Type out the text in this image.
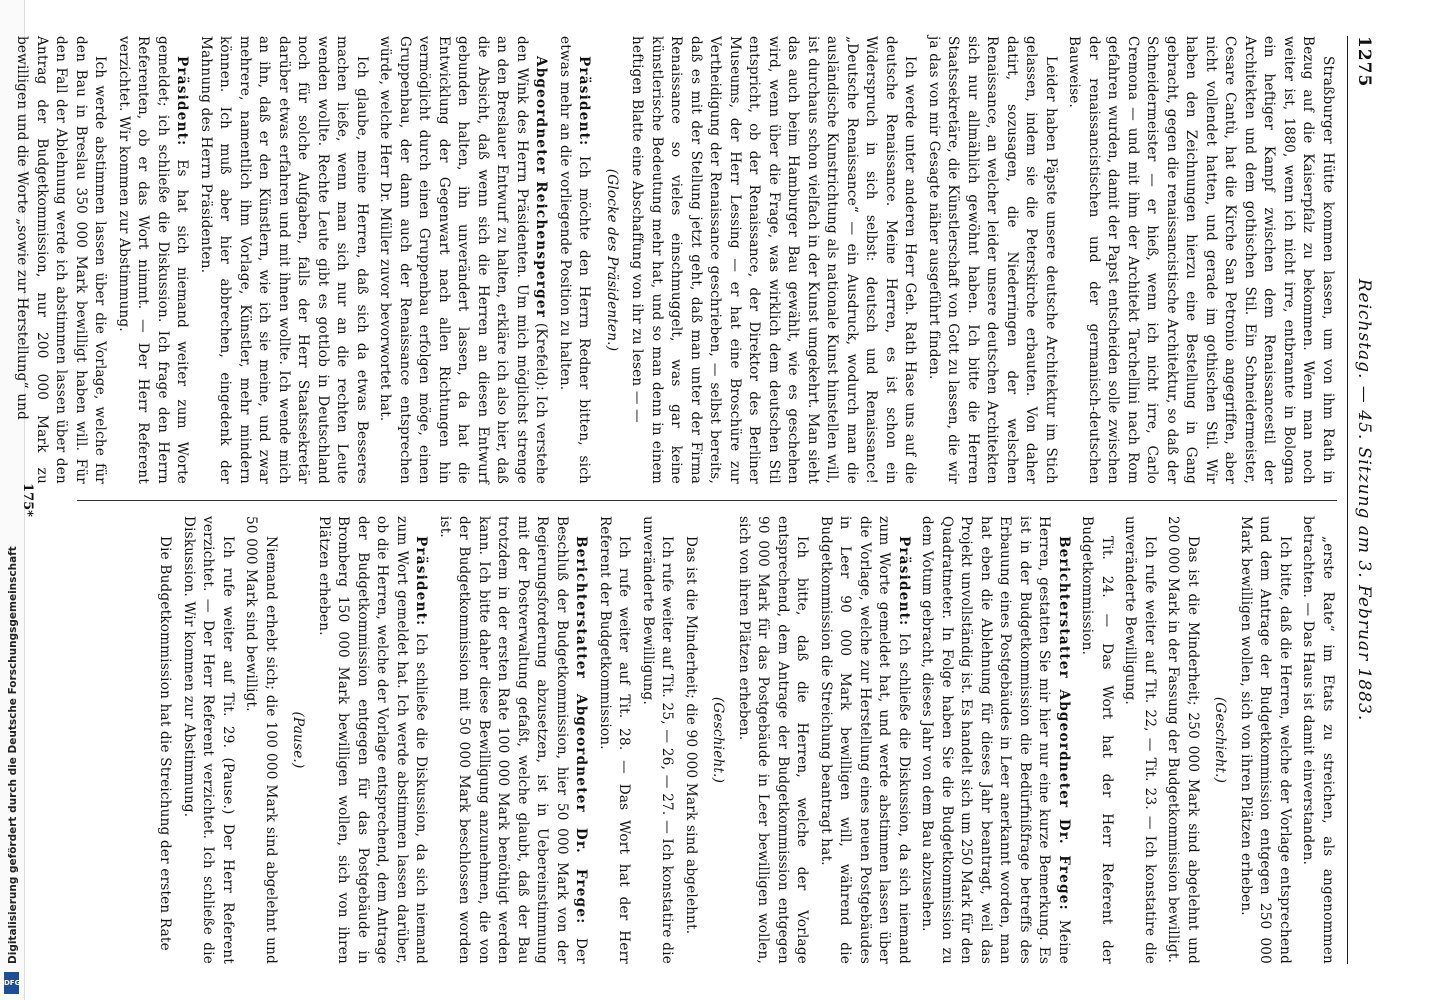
Digitalisierung gefördert durch die Deutsche Forschungsgemeinschaft
DFG
1275
Reichstag. — 45. Sitzung am 3. Februar 1883.

Straßburger Hütte kommen lassen, um von ihm Rath in Bezug auf die Kaiserpfalz zu bekommen. Wenn man noch weiter ist, 1880, wenn ich nicht irre, entbrannte in Bologna ein heftiger Kampf zwischen dem Renaissancestil der Architekten und dem gothischen Stil. Ein Schneidermeister, Cesare Cantù, hat die Kirche San Petronio angegriffen, aber nicht vollendet hatten, und gerade im gothischen Stil. Wir haben den Zeichnungen hierzu eine Bestellung in Gang gebracht, gegen die renaissancistische Architektur, so daß der Schneidermeister — er hieß, wenn ich nicht irre, Carlo Cremona — und mit ihm der Architekt Tarchellini nach Rom gefahren wurden, damit der Papst entscheiden solle zwischen der renaissancistischen und der germanisch-deutschen Bauweise.

Leider haben Päpste unsere deutsche Architektur im Stich gelassen, indem sie die Peterskirche erbauten. Von daher datirt, sozusagen, die Niederringen der welschen Renaissance, an welcher leider unsere deutschen Architekten sich nur allmählich gewöhnt haben. Ich bitte die Herren Staatssekretäre, die Künstlerschaft von Gott zu lassen, die wir ja das von mir Gesagte näher ausgeführt finden.

Ich werde unter anderen Herr Geh. Rath Hase uns auf die deutsche Renaissance. Meine Herren, es ist schon ein Widerspruch in sich selbst: deutsch und Renaissance! „Deutsche Renaissance“ — ein Ausdruck, wodurch man die ausländische Kunstrichtung als nationale Kunst hinstellen will, ist durchaus schon vielfach in der Kunst umgekehrt. Man sieht das auch beim Hamburger Bau gewählt, wie es geschehen wird, wenn über die Frage, was wirklich dem deutschen Stil entspricht, ob der Renaissance, der Direktor des Berliner Museums, der Herr Lessing — er hat eine Broschüre zur Vertheidigung der Renaissance geschrieben, — selbst bereits, daß es mit der Stellung jetzt geht, daß man unter der Firma Renaissance so vieles einschmuggelt, was gar keine künstlerische Bedeutung mehr hat, und so man denn in einem heftigen Blatte eine Abschaffung von ihr zu lesen — —

(Glocke des Präsidenten.)

Präsident: Ich möchte den Herrn Redner bitten, sich etwas mehr an die vorliegende Position zu halten.

Abgeordneter Reichensperger (Krefeld): Ich verstehe den Wink des Herrn Präsidenten. Um mich möglichst strenge an den Breslauer Entwurf zu halten, erkläre ich also hier, daß die Absicht, daß wenn sich die Herren an diesen Entwurf gebunden halten, ihn unverändert lassen, da hat die Entwicklung der Gegenwart nach allen Richtungen hin vermöglicht durch einen Gruppenbau erfolgen möge, einen Gruppenbau, der dann auch der Renaissance entsprechen würde, welche Herr Dr. Müller zuvor bevorwortet hat.

Ich glaube, meine Herren, daß sich da etwas Besseres machen ließe, wenn man sich nur an die rechten Leute wenden wollte. Rechte Leute gibt es gottlob in Deutschland noch für solche Aufgaben, falls der Herr Staatssekretär darüber etwas erfahren und mit ihnen wollte. Ich wende mich an ihn, daß er den Künstlern, wie ich sie meine, und zwar mehrere, namentlich ihm Vorlage, Künstler, mehr mindern können. Ich muß aber hier abbrechen, eingedenk der Mahnung des Herrn Präsidenten.

Präsident: Es hat sich niemand weiter zum Worte gemeldet; ich schließe die Diskussion. Ich frage den Herrn Referenten, ob er das Wort nimmt. — Der Herr Referent verzichtet. Wir kommen zur Abstimmung.

Ich werde abstimmen lassen über die Vorlage, welche für den Bau in Breslau 350 000 Mark bewilligt haben will. Für den Fall der Ablehnung werde ich abstimmen lassen über den Antrag der Budgetkommission, nur 200 000 Mark zu bewilligen und die Worte „sowie zur Herstellung“ und

„erste Rate“ im Etats zu streichen, als angenommen betrachten. — Das Haus ist damit einverstanden.

Ich bitte, daß die Herren, welche der Vorlage entsprechend und dem Antrage der Budgetkommission entgegen 250 000 Mark bewilligen wollen, sich von ihren Plätzen erheben.

(Geschieht.)

Das ist die Minderheit; 250 000 Mark sind abgelehnt und 200 000 Mark in der Fassung der Budgetkommission bewilligt.

Ich rufe weiter auf Tit. 22, — Tit. 23. — Ich konstatire die unveränderte Bewilligung.

Tit. 24. — Das Wort hat der Herr Referent der Budgetkommission.

Berichterstatter Abgeordneter Dr. Frege: Meine Herren, gestatten Sie mir hier nur eine kurze Bemerkung. Es ist in der Budgetkommission die Bedürfnißfrage betreffs des Erbauung eines Postgebäudes in Leer anerkannt worden, man hat eben die Ablehnung für dieses Jahr beantragt, weil das Projekt unvollständig ist. Es handelt sich um 250 Mark für den Quadratmeter. In Folge haben Sie die Budgetkommission zu dem Votum gebracht, dieses Jahr von dem Bau abzusehen.

Präsident: Ich schließe die Diskussion, da sich niemand zum Worte gemeldet hat, und werde abstimmen lassen über die Vorlage, welche zur Herstellung eines neuen Postgebäudes in Leer 90 000 Mark bewilligen will, während die Budgetkommission die Streichung beantragt hat.

Ich bitte, daß die Herren, welche der Vorlage entsprechend, dem Antrage der Budgetkommission entgegen 90 000 Mark für das Postgebäude in Leer bewilligen wollen, sich von ihren Plätzen erheben.

(Geschieht.)

Das ist die Minderheit; die 90 000 Mark sind abgelehnt.

Ich rufe weiter auf Tit. 25, — 26, — 27. — Ich konstatire die unveränderte Bewilligung.

Ich rufe weiter auf Tit. 28. — Das Wort hat der Herr Referent der Budgetkommission.

Berichterstatter Abgeordneter Dr. Frege: Der Beschluß der Budgetkommission, hier 50 000 Mark von der Regierungsforderung abzusetzen, ist in Uebereinstimmung mit der Postverwaltung gefaßt, welche glaubt, daß der Bau trotzdem in der ersten Rate 100 000 Mark benöthigt werden kann. Ich bitte daher diese Bewilligung anzunehmen, die von der Budgetkommission mit 50 000 Mark beschlossen worden ist.

Präsident: Ich schließe die Diskussion, da sich niemand zum Wort gemeldet hat. Ich werde abstimmen lassen darüber, ob die Herren, welche der Vorlage entsprechend, dem Antrage der Budgetkommission entgegen für das Postgebäude in Bromberg 150 000 Mark bewilligen wollen, sich von ihren Plätzen erheben.

(Pause.)

Niemand erhebt sich; die 100 000 Mark sind abgelehnt und 50 000 Mark sind bewilligt.

Ich rufe weiter auf Tit. 29. (Pause.) Der Herr Referent verzichtet. — Der Herr Referent verzichtet. Ich schließe die Diskussion. Wir kommen zur Abstimmung.

Die Budgetkommission hat die Streichung der ersten Rate

175*
